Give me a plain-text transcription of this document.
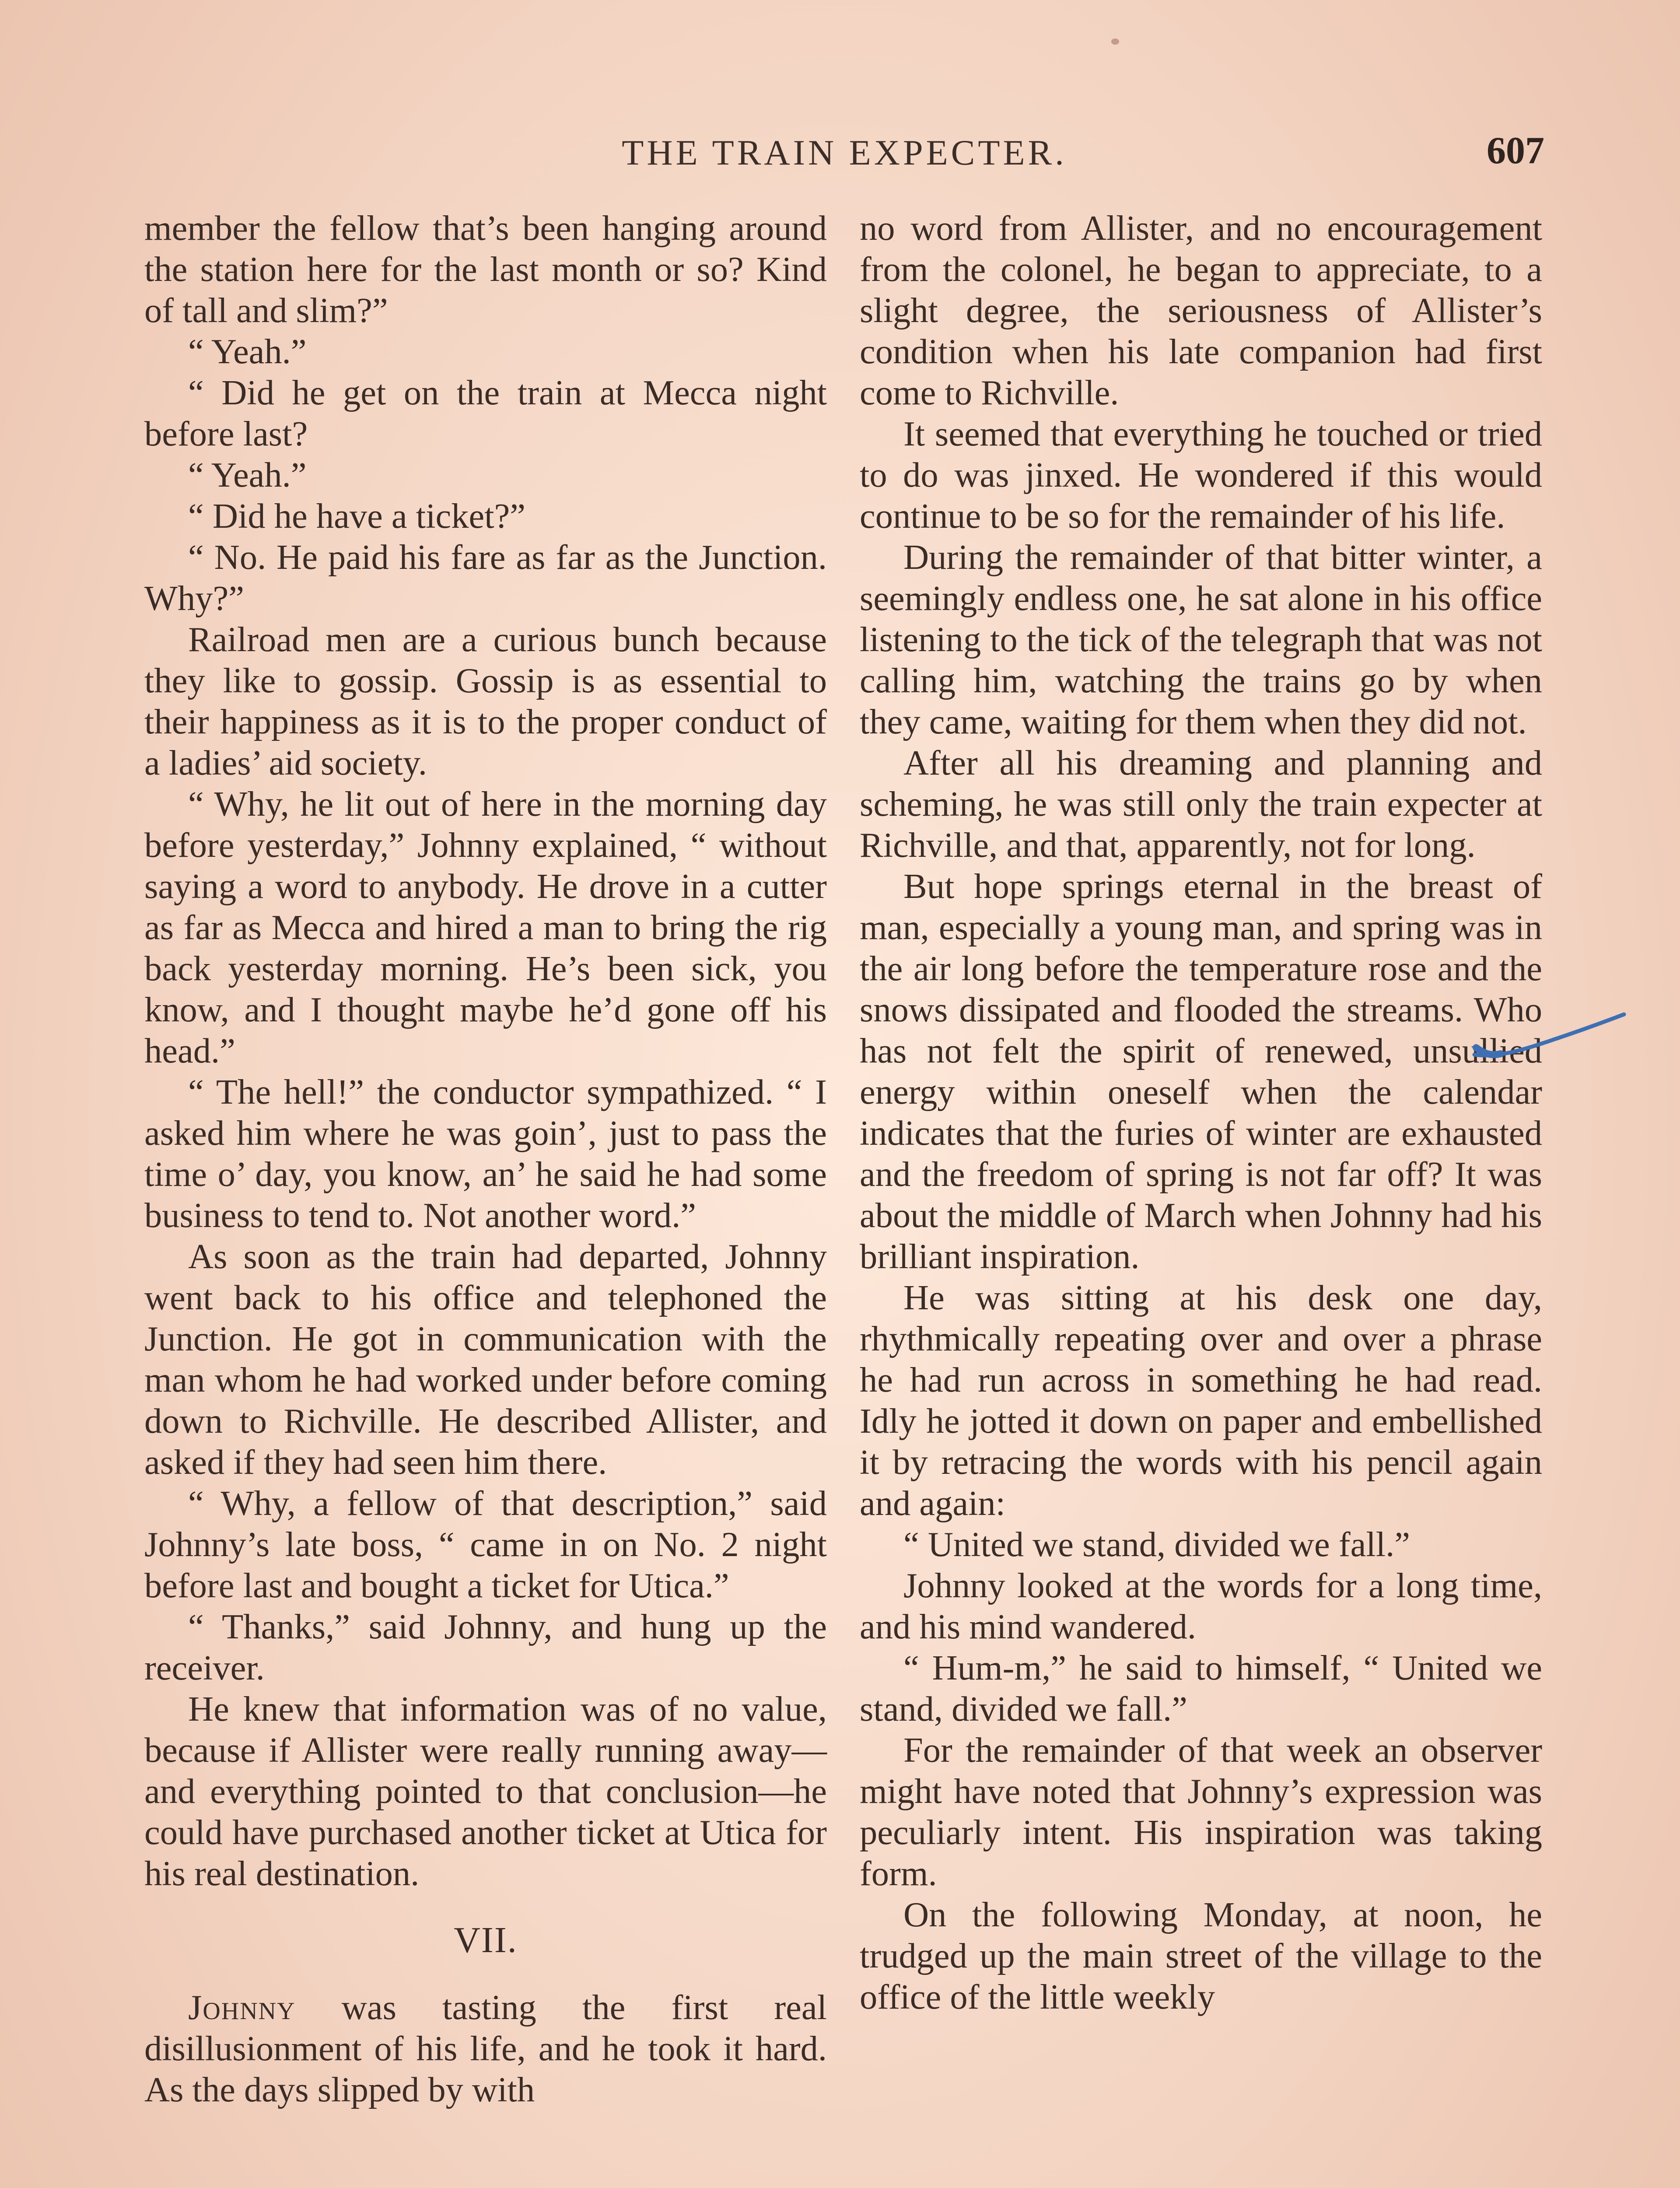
THE TRAIN EXPECTER.	607

member the fellow that’s been hanging around the station here for the last month or so? Kind of tall and slim?”

“ Yeah.”

“ Did he get on the train at Mecca night before last?

“ Yeah.”

“ Did he have a ticket?”

“ No. He paid his fare as far as the Junction. Why?”

Railroad men are a curious bunch because they like to gossip. Gossip is as essential to their happiness as it is to the proper conduct of a ladies’ aid society.

“ Why, he lit out of here in the morning day before yesterday,” Johnny explained, “ without saying a word to anybody. He drove in a cutter as far as Mecca and hired a man to bring the rig back yesterday morning. He’s been sick, you know, and I thought maybe he’d gone off his head.”

“ The hell!” the conductor sympathized. “ I asked him where he was goin’, just to pass the time o’ day, you know, an’ he said he had some business to tend to. Not another word.”

As soon as the train had departed, Johnny went back to his office and telephoned the Junction. He got in communication with the man whom he had worked under before coming down to Richville. He described Allister, and asked if they had seen him there.

“ Why, a fellow of that description,” said Johnny’s late boss, “ came in on No. 2 night before last and bought a ticket for Utica.”

“ Thanks,” said Johnny, and hung up the receiver.

He knew that information was of no value, because if Allister were really running away—and everything pointed to that conclusion—he could have purchased another ticket at Utica for his real destination.

VII.

Johnny was tasting the first real disillusionment of his life, and he took it hard. As the days slipped by with

no word from Allister, and no encouragement from the colonel, he began to appreciate, to a slight degree, the seriousness of Allister’s condition when his late companion had first come to Richville.

It seemed that everything he touched or tried to do was jinxed. He wondered if this would continue to be so for the remainder of his life.

During the remainder of that bitter winter, a seemingly endless one, he sat alone in his office listening to the tick of the telegraph that was not calling him, watching the trains go by when they came, waiting for them when they did not.

After all his dreaming and planning and scheming, he was still only the train expecter at Richville, and that, apparently, not for long.

But hope springs eternal in the breast of man, especially a young man, and spring was in the air long before the temperature rose and the snows dissipated and flooded the streams. Who has not felt the spirit of renewed, unsullied energy within oneself when the calendar indicates that the furies of winter are exhausted and the freedom of spring is not far off? It was about the middle of March when Johnny had his brilliant inspiration.

He was sitting at his desk one day, rhythmically repeating over and over a phrase he had run across in something he had read. Idly he jotted it down on paper and embellished it by retracing the words with his pencil again and again:

“ United we stand, divided we fall.”

Johnny looked at the words for a long time, and his mind wandered.

“ Hum-m,” he said to himself, “ United we stand, divided we fall.”

For the remainder of that week an observer might have noted that Johnny’s expression was peculiarly intent. His inspiration was taking form.

On the following Monday, at noon, he trudged up the main street of the village to the office of the little weekly
